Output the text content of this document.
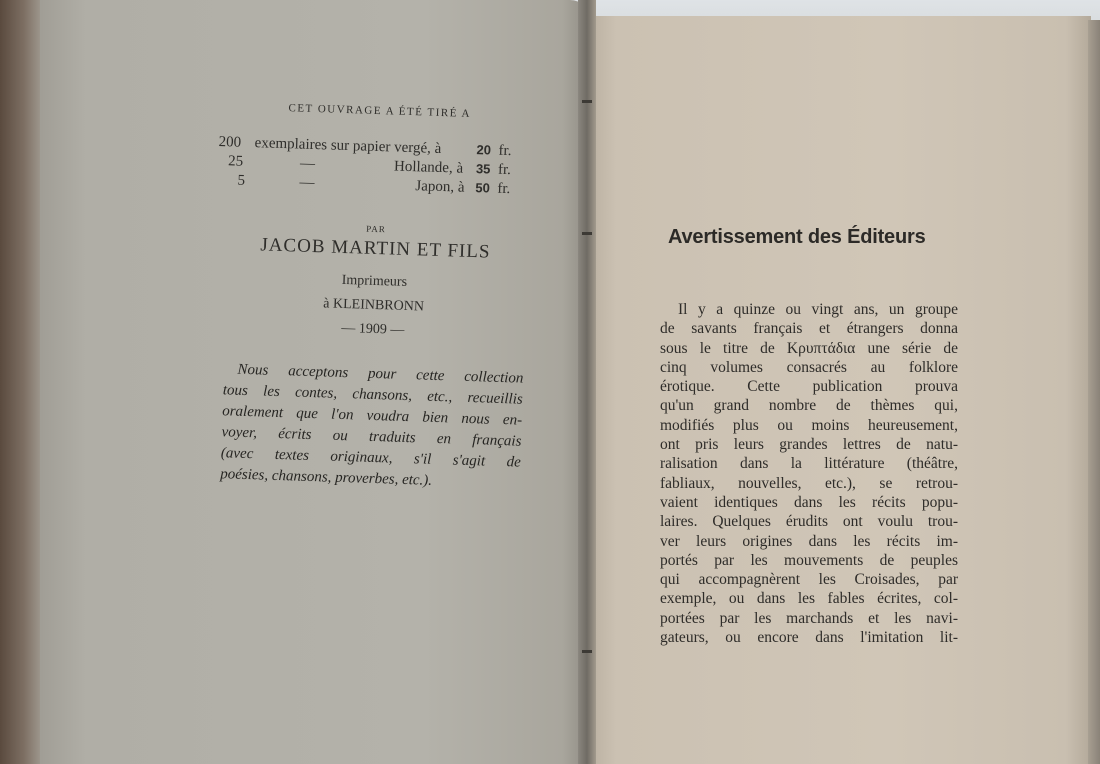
CET OUVRAGE A ÉTÉ TIRÉ A
200 exemplaires sur papier vergé, à	20 fr.
25	—	Hollande, à 35 fr.
5	—	Japon, à 50 fr.
PAR
JACOB MARTIN ET FILS
Imprimeurs
à KLEINBRONN
— 1909 —
Nous acceptons pour cette collection
tous les contes, chansons, etc., recueillis
oralement que l'on voudra bien nous en-
voyer, écrits ou traduits en français
(avec textes originaux, s'il s'agit de
poésies, chansons, proverbes, etc.).
Avertissement des Éditeurs
Il y a quinze ou vingt ans, un groupe
de savants français et étrangers donna
sous le titre de Κρυπτάδια une série de
cinq volumes consacrés au folklore
érotique. Cette publication prouva
qu'un grand nombre de thèmes qui,
modifiés plus ou moins heureusement,
ont pris leurs grandes lettres de natu-
ralisation dans la littérature (théâtre,
fabliaux, nouvelles, etc.), se retrou-
vaient identiques dans les récits popu-
laires. Quelques érudits ont voulu trou-
ver leurs origines dans les récits im-
portés par les mouvements de peuples
qui accompagnèrent les Croisades, par
exemple, ou dans les fables écrites, col-
portées par les marchands et les navi-
gateurs, ou encore dans l'imitation lit-
